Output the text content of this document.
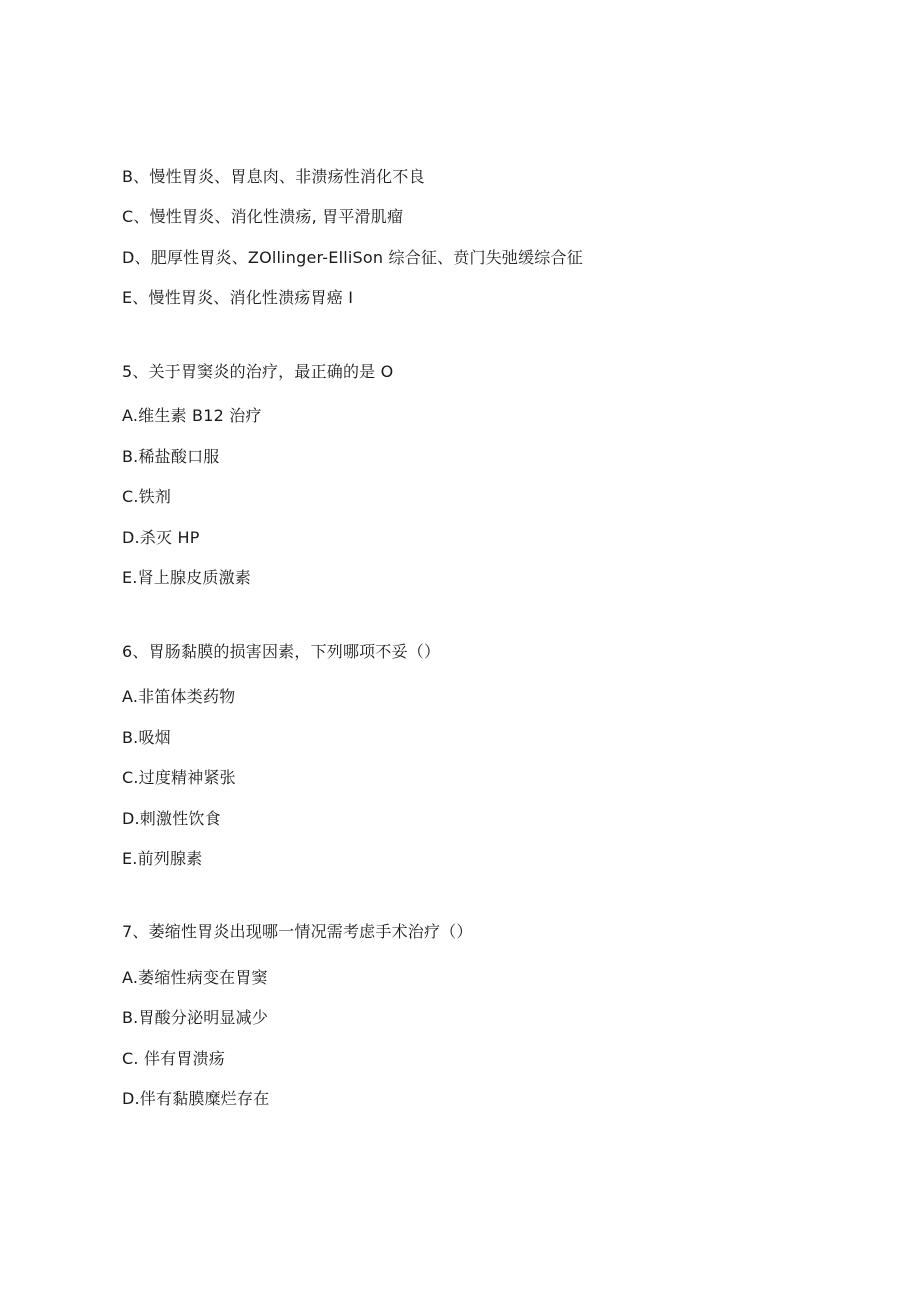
B、慢性胃炎、胃息肉、非溃疡性消化不良
C、慢性胃炎、消化性溃疡, 胃平滑肌瘤
D、肥厚性胃炎、ZOllinger-ElliSon 综合征、贲门失弛缓综合征
E、慢性胃炎、消化性溃疡胃癌 I
5、关于胃窦炎的治疗，最正确的是 O
A.维生素 B12 治疗
B.稀盐酸口服
C.铁剂
D.杀灭 HP
E.肾上腺皮质激素
6、胃肠黏膜的损害因素，下列哪项不妥（）
A.非笛体类药物
B.吸烟
C.过度精神紧张
D.刺激性饮食
E.前列腺素
7、萎缩性胃炎出现哪一情况需考虑手术治疗（）
A.萎缩性病变在胃窦
B.胃酸分泌明显减少
C. 伴有胃溃疡
D.伴有黏膜糜烂存在
